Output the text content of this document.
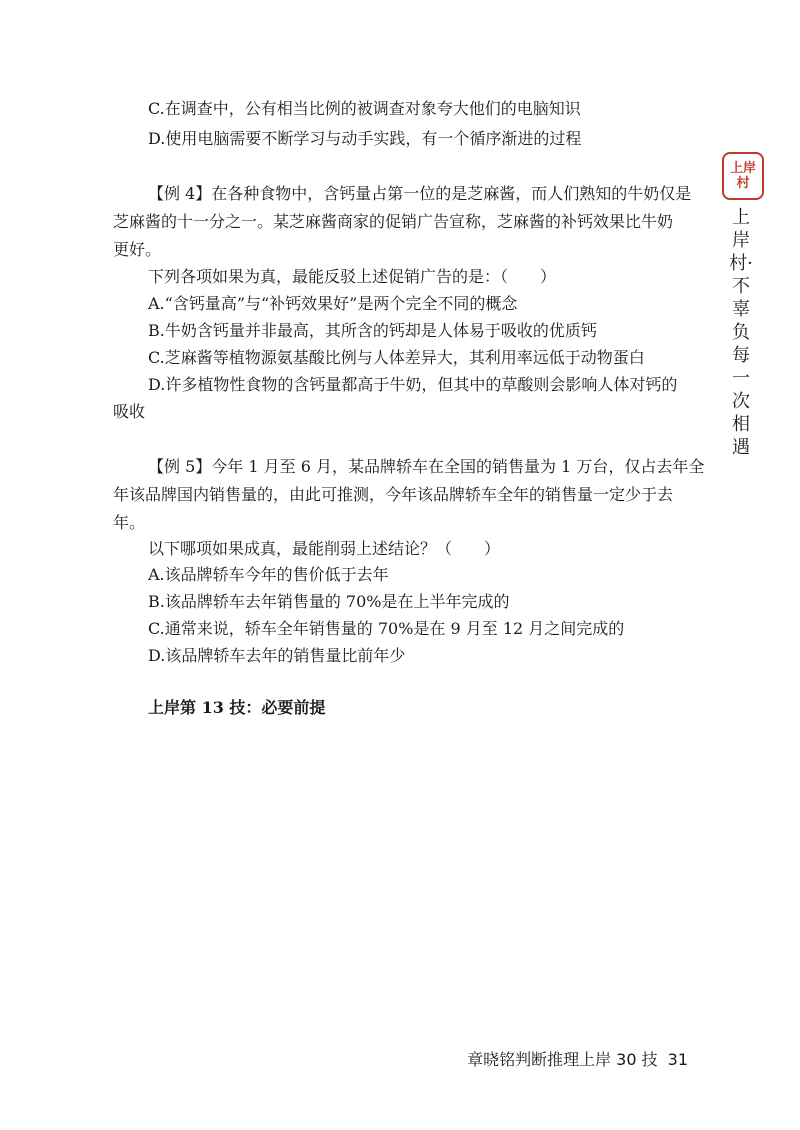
上岸村
上岸村·不辜负每一次相遇
C.在调查中，公有相当比例的被调查对象夸大他们的电脑知识
D.使用电脑需要不断学习与动手实践，有一个循序渐进的过程
【例 4】在各种食物中，含钙量占第一位的是芝麻酱，而人们熟知的牛奶仅是
芝麻酱的十一分之一。某芝麻酱商家的促销广告宣称，芝麻酱的补钙效果比牛奶
更好。
下列各项如果为真，最能反驳上述促销广告的是：（　　）
A.“含钙量高”与“补钙效果好”是两个完全不同的概念
B.牛奶含钙量并非最高，其所含的钙却是人体易于吸收的优质钙
C.芝麻酱等植物源氨基酸比例与人体差异大，其利用率远低于动物蛋白
D.许多植物性食物的含钙量都高于牛奶，但其中的草酸则会影响人体对钙的
吸收
【例 5】今年 1 月至 6 月，某品牌轿车在全国的销售量为 1 万台，仅占去年全
年该品牌国内销售量的，由此可推测，今年该品牌轿车全年的销售量一定少于去
年。
以下哪项如果成真，最能削弱上述结论？（　　）
A.该品牌轿车今年的售价低于去年
B.该品牌轿车去年销售量的 70%是在上半年完成的
C.通常来说，轿车全年销售量的 70%是在 9 月至 12 月之间完成的
D.该品牌轿车去年的销售量比前年少
上岸第 13 技：必要前提
章晓铭判断推理上岸 30 技 31
